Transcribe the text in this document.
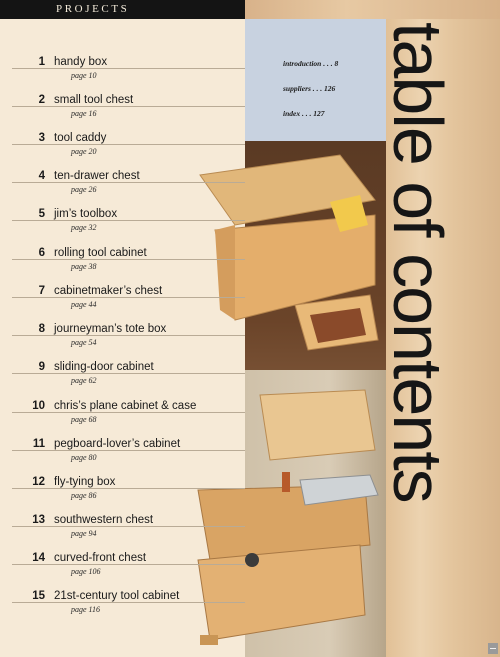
PROJECTS
introduction . . . 8
suppliers . . . 126
index . . . 127 table of contents
1 handy box
page 10
2 small tool chest
page 16
3 tool caddy
page 20
4 ten-drawer chest
page 26
5 jim’s toolbox
page 32
6 rolling tool cabinet
page 38
7 cabinetmaker’s chest
page 44
8 journeyman’s tote box
page 54
9 sliding-door cabinet
page 62
10 chris’s plane cabinet & case
page 68
11 pegboard-lover’s cabinet
page 80
12 fly-tying box
page 86
13 southwestern chest
page 94
14 curved-front chest
page 106
15 21st-century tool cabinet
page 116
